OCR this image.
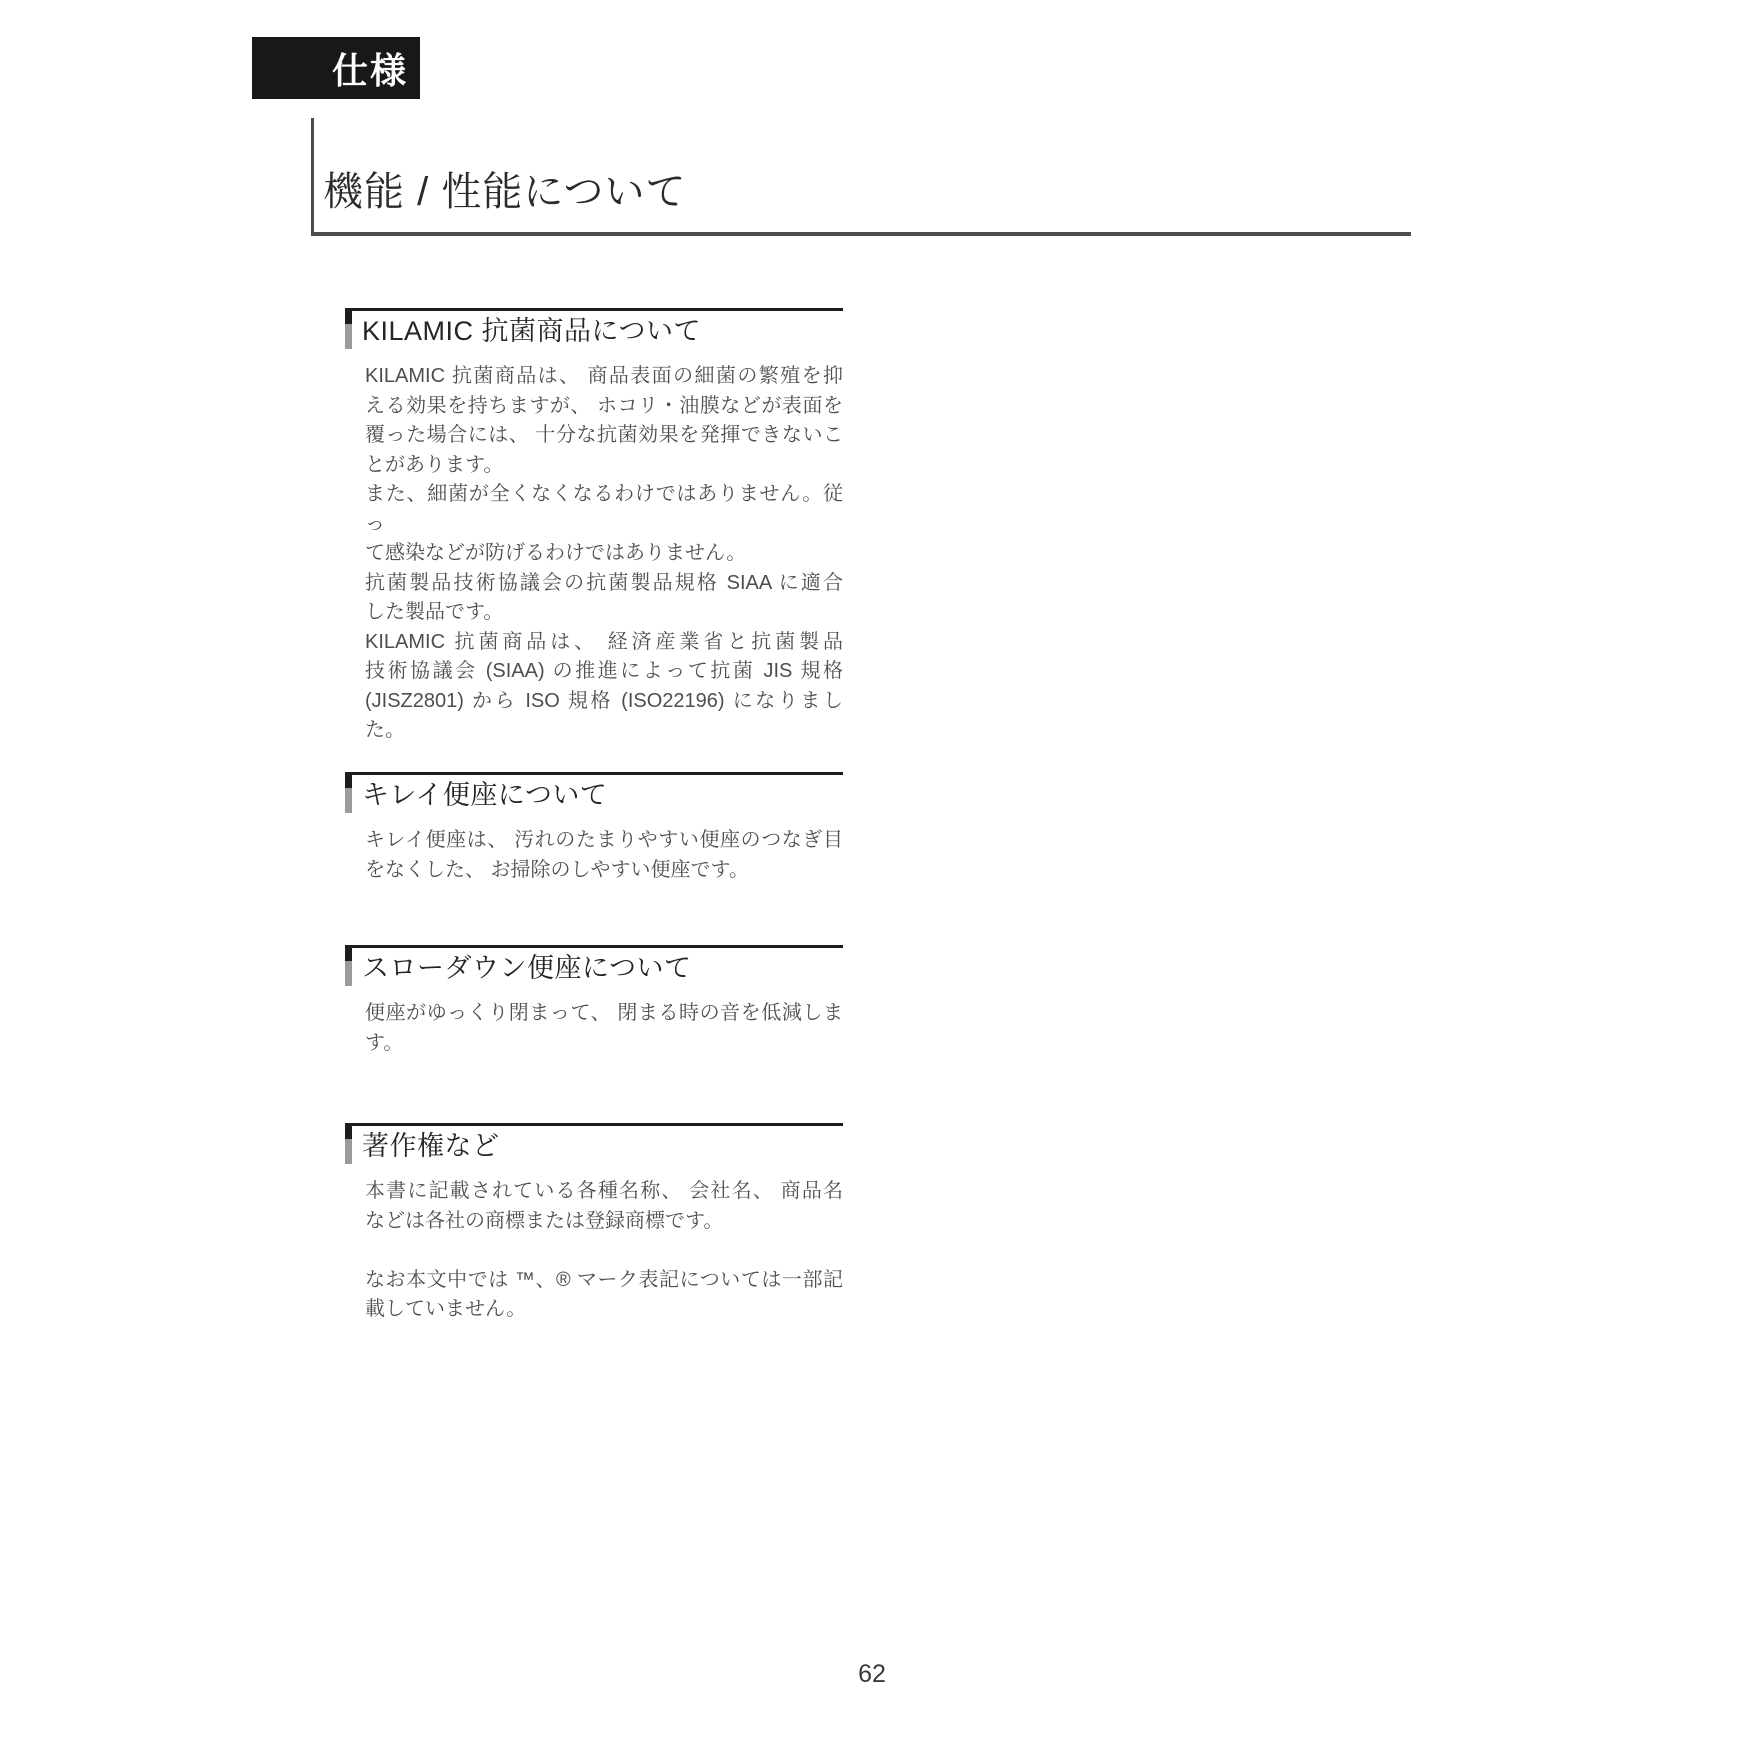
仕様
機能 / 性能について
KILAMIC 抗菌商品について
KILAMIC 抗菌商品は、 商品表面の細菌の繁殖を抑
える効果を持ちますが、 ホコリ・油膜などが表面を
覆った場合には、 十分な抗菌効果を発揮できないこ
とがあります。
また、細菌が全くなくなるわけではありません。従っ
て感染などが防げるわけではありません。
抗菌製品技術協議会の抗菌製品規格 SIAA に適合
した製品です。
KILAMIC 抗菌商品は、 経済産業省と抗菌製品
技術協議会 (SIAA) の推進によって抗菌 JIS 規格
(JISZ2801) から ISO 規格 (ISO22196) になりまし
た。
キレイ便座について
キレイ便座は、 汚れのたまりやすい便座のつなぎ目
をなくした、 お掃除のしやすい便座です。
スローダウン便座について
便座がゆっくり閉まって、 閉まる時の音を低減しま
す。
著作権など
本書に記載されている各種名称、 会社名、 商品名
などは各社の商標または登録商標です。

なお本文中では ™、® マーク表記については一部記
載していません。
62
